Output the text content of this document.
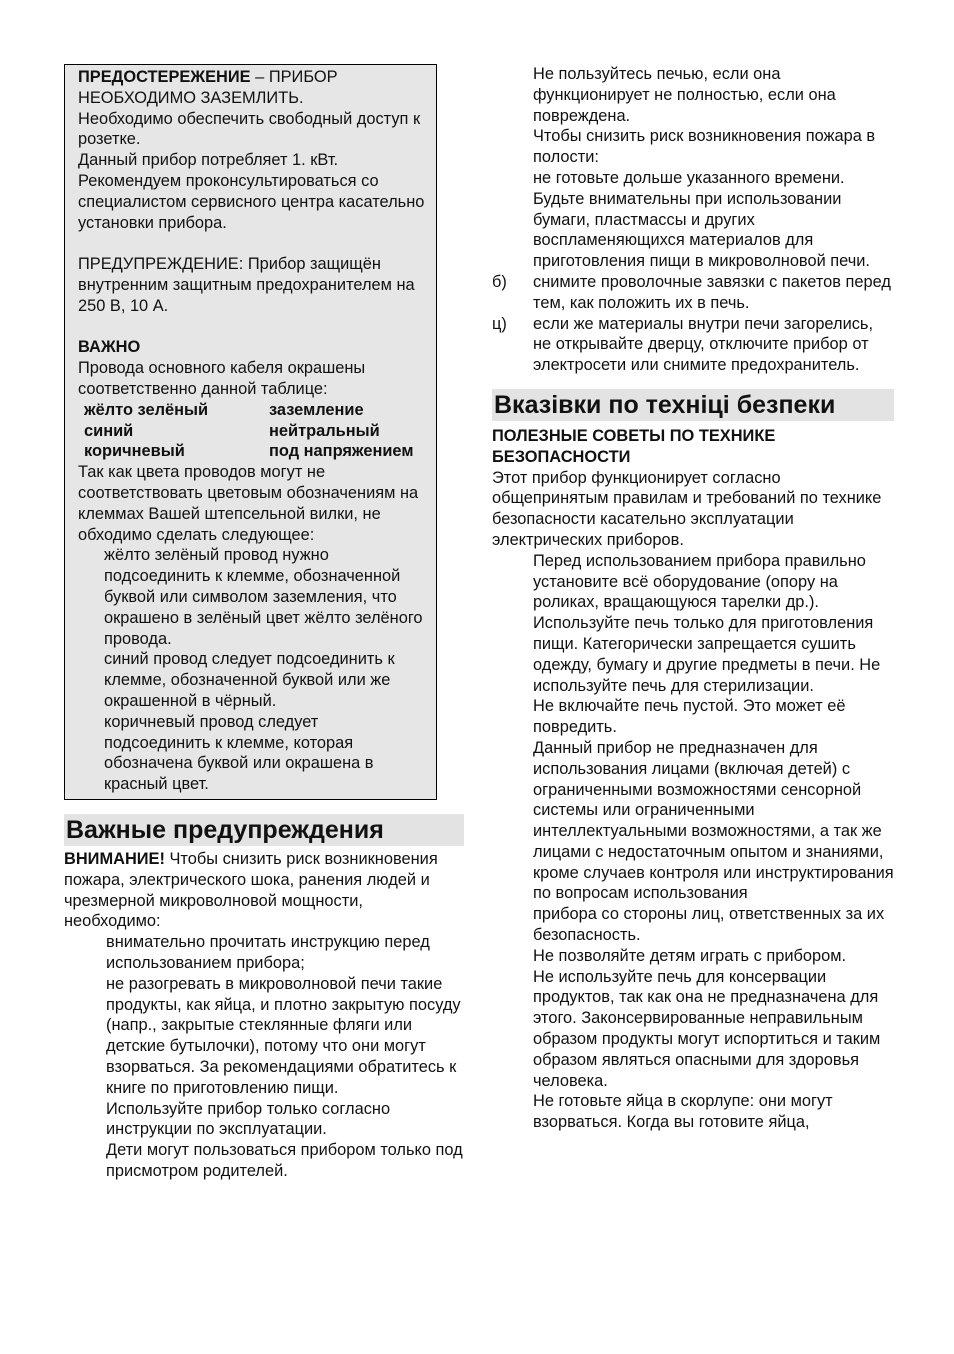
ПРЕДОСТЕРЕЖЕНИЕ – ПРИБОР НЕОБХОДИМО ЗАЗЕМЛИТЬ.

Необходимо обеспечить свободный доступ к розетке.

Данный прибор потребляет 1. кВт.

Рекомендуем проконсультироваться со специалистом сервисного центра касательно установки прибора.

ПРЕДУПРЕЖДЕНИЕ: Прибор защищён внутренним защитным предохранителем на 250 В, 10 А.

ВАЖНО

Провода основного кабеля окрашены соответственно данной таблице:

жёлто зелёный	заземление
синий	нейтральный
коричневый	под напряжением

Так как цвета проводов могут не соответствовать цветовым обозначениям на клеммах Вашей штепсельной вилки, не обходимо сделать следующее:

жёлто зелёный провод нужно подсоединить к клемме, обозначенной буквой или символом заземления, что окрашено в зелёный цвет жёлто зелёного провода.

синий провод следует подсоединить к клемме, обозначенной буквой или же окрашенной в чёрный.

коричневый провод следует подсоединить к клемме, которая обозначена буквой или окрашена в красный цвет.

Важные предупреждения

ВНИМАНИЕ! Чтобы снизить риск возникновения пожара, электрического шока, ранения людей и чрезмерной микроволновой мощности, необходимо:

внимательно прочитать инструкцию перед использованием прибора;

не разогревать в микроволновой печи такие продукты, как яйца, и плотно закрытую посуду (напр., закрытые стеклянные фляги или детские бутылочки), потому что они могут взорваться. За рекомендациями обратитесь к книге по приготовлению пищи.

Используйте прибор только согласно инструкции по эксплуатации.

Дети могут пользоваться прибором только под присмотром родителей.

Не пользуйтесь печью, если она функционирует не полностью, если она повреждена.

Чтобы снизить риск возникновения пожара в полости:

не готовьте дольше указанного времени. Будьте внимательны при использовании бумаги, пластмассы и других воспламеняющихся материалов для приготовления пищи в микроволновой печи.
б)	снимите проволочные завязки с пакетов перед тем, как положить их в печь.
ц)	если же материалы внутри печи загорелись, не открывайте дверцу, отключите прибор от электросети или снимите предохранитель.
Вказівки по техніці безпеки

ПОЛЕЗНЫЕ СОВЕТЫ ПО ТЕХНИКЕ БЕЗОПАСНОСТИ

Этот прибор функционирует согласно общепринятым правилам и требований по технике безопасности касательно эксплуатации электрических приборов.

Перед использованием прибора правильно установите всё оборудование (опору на роликах, вращающуюся тарелки др.).

Используйте печь только для приготовления пищи. Категорически запрещается сушить одежду, бумагу и другие предметы в печи. Не используйте печь для стерилизации.

Не включайте печь пустой. Это может её повредить.

Данный прибор не предназначен для использования лицами (включая детей) с ограниченными возможностями сенсорной системы или ограниченными интеллектуальными возможностями, а так же лицами с недостаточным опытом и знаниями, кроме случаев контроля или инструктирования по вопросам использования

прибора со стороны лиц, ответственных за их безопасность.

Не позволяйте детям играть с прибором.

Не используйте печь для консервации продуктов, так как она не предназначена для этого. Законсервированные неправильным образом продукты могут испортиться и таким образом являться опасными для здоровья человека.

Не готовьте яйца в скорлупе: они могут взорваться. Когда вы готовите яйца,
